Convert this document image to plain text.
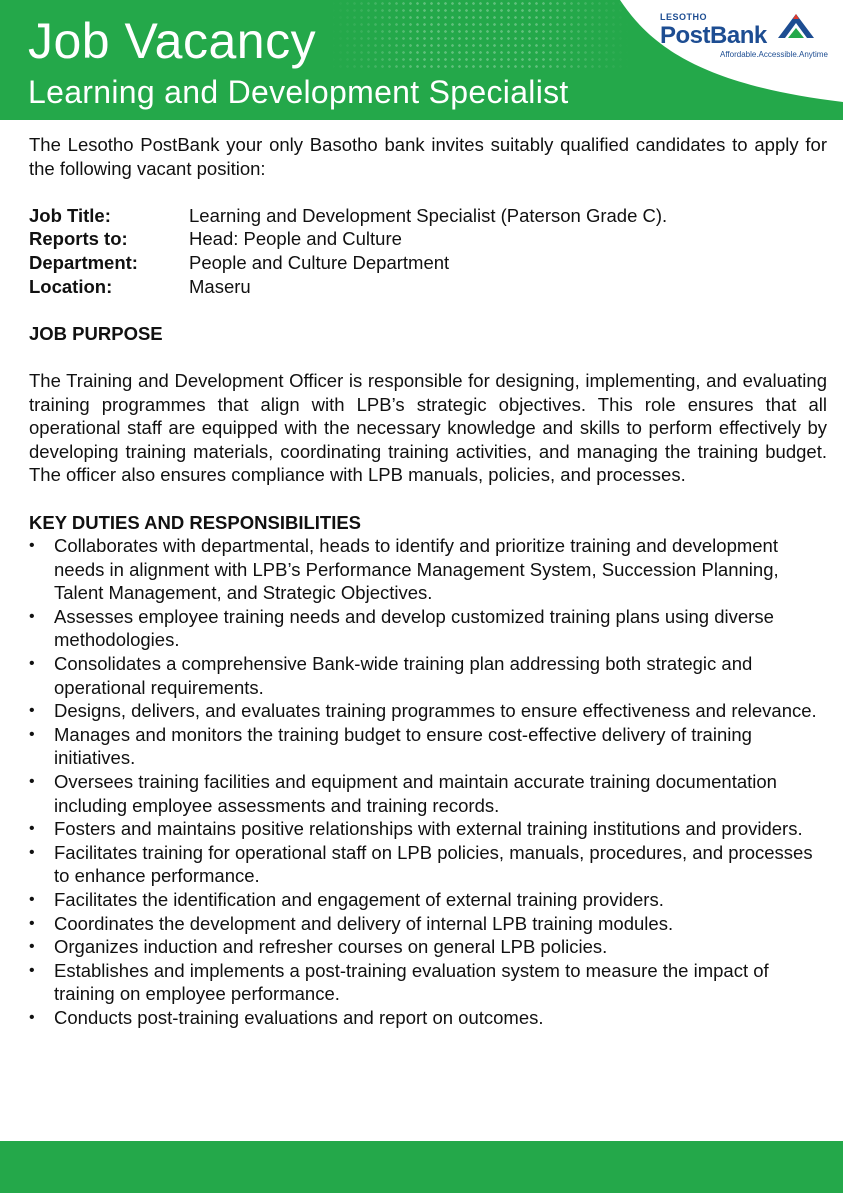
Job Vacancy
Learning and Development Specialist
LESOTHO
PostBank
Affordable.Accessible.Anytime

The Lesotho PostBank your only Basotho bank invites suitably qualified candidates to apply for the following vacant position:

Job Title:	Learning and Development Specialist (Paterson Grade C).
Reports to:	Head: People and Culture
Department:	People and Culture Department
Location:	Maseru

JOB PURPOSE

The Training and Development Officer is responsible for designing, implementing, and evaluating training programmes that align with LPB’s strategic objectives. This role ensures that all operational staff are equipped with the necessary knowledge and skills to perform effectively by developing training materials, coordinating training activities, and managing the training budget. The officer also ensures compliance with LPB manuals, policies, and processes.

KEY DUTIES AND RESPONSIBILITIES

• Collaborates with departmental, heads to identify and prioritize training and development needs in alignment with LPB’s Performance Management System, Succession Planning, Talent Management, and Strategic Objectives.
• Assesses employee training needs and develop customized training plans using diverse methodologies.
• Consolidates a comprehensive Bank-wide training plan addressing both strategic and operational requirements.
• Designs, delivers, and evaluates training programmes to ensure effectiveness and relevance.
• Manages and monitors the training budget to ensure cost-effective delivery of training initiatives.
• Oversees training facilities and equipment and maintain accurate training documentation including employee assessments and training records.
• Fosters and maintains positive relationships with external training institutions and providers.
• Facilitates training for operational staff on LPB policies, manuals, procedures, and processes to enhance performance.
• Facilitates the identification and engagement of external training providers.
• Coordinates the development and delivery of internal LPB training modules.
• Organizes induction and refresher courses on general LPB policies.
• Establishes and implements a post-training evaluation system to measure the impact of training on employee performance.
• Conducts post-training evaluations and report on outcomes.
